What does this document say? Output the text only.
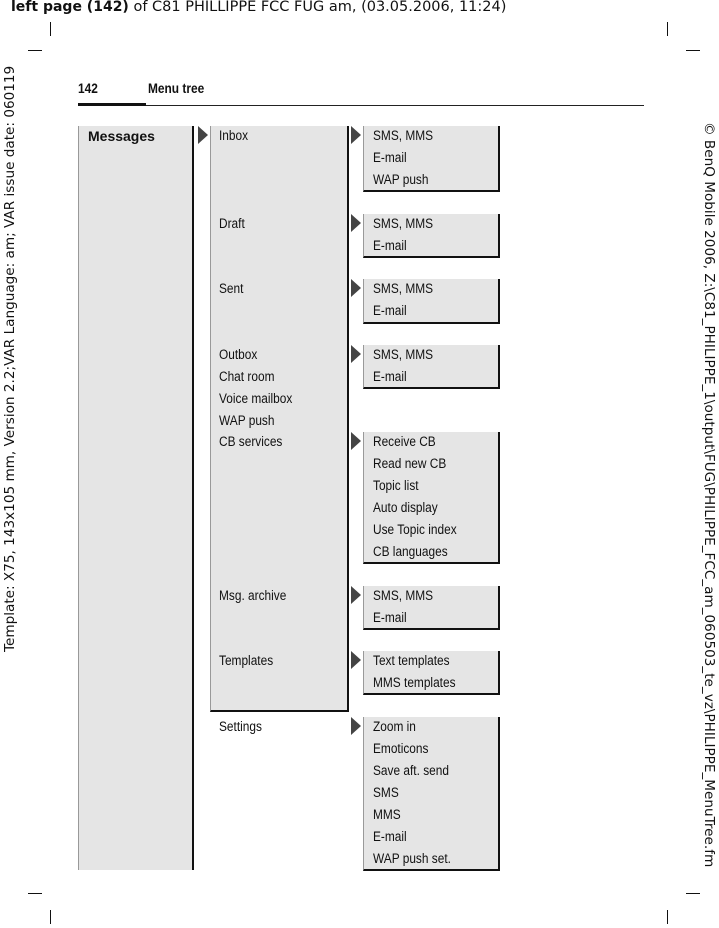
left page (142) of C81 PHILLIPPE FCC FUG am, (03.05.2006, 11:24)
Template: X75, 143x105 mm, Version 2.2;VAR Language: am; VAR issue date: 060119	© BenQ Mobile 2006, Z:\C81_PHILIPPE_1\output\FUG\PHILIPPE_FCC_am_060503_te_vz\PHILIPPE_MenuTree.fm
142	Menu tree
Messages	Inbox
Draft
Sent
Outbox
Chat room
Voice mailbox
WAP push
CB services
Msg. archive
Templates
Settings
SMS, MMS
E-mail
WAP push
SMS, MMS
E-mail
SMS, MMS
E-mail
SMS, MMS
E-mail
Receive CB
Read new CB
Topic list
Auto display
Use Topic index
CB languages
SMS, MMS
E-mail
Text templates
MMS templates
Zoom in
Emoticons
Save aft. send
SMS
MMS
E-mail
WAP push set.
